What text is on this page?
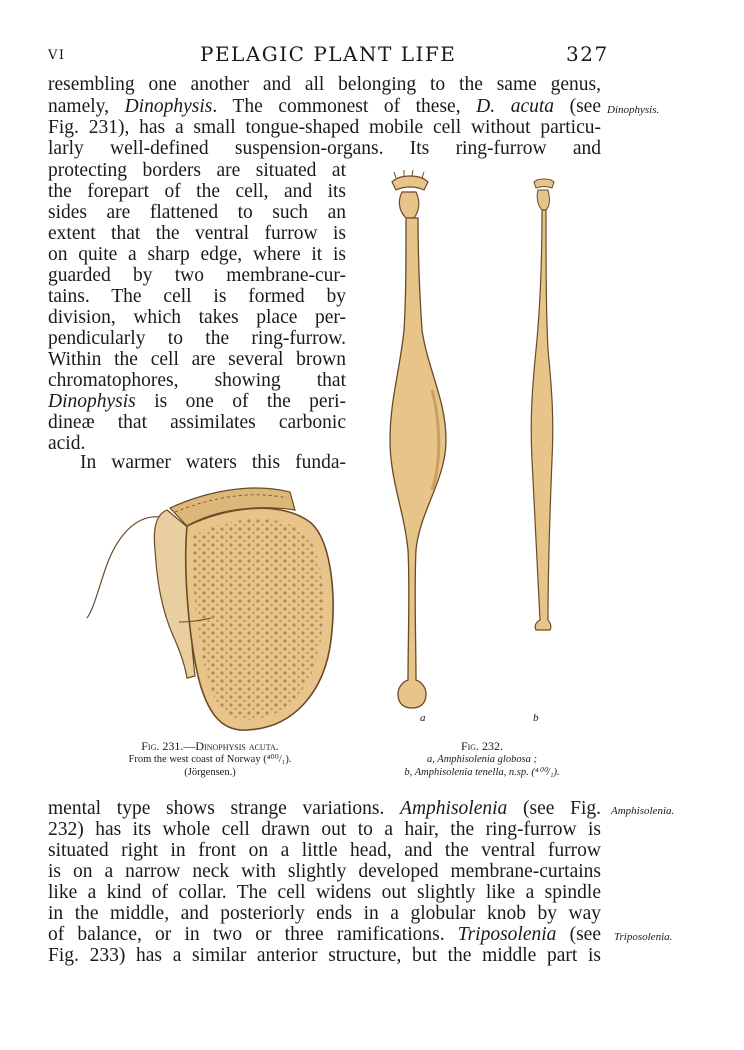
VI	PELAGIC PLANT LIFE	327
resembling one another and all belonging to the same genus,
namely, Dinophysis. The commonest of these, D. acuta (see
Fig. 231), has a small tongue-shaped mobile cell without particu-
larly well-defined suspension-organs. Its ring-furrow and
protecting borders are situated at
the forepart of the cell, and its
sides are flattened to such an
extent that the ventral furrow is
on quite a sharp edge, where it is
guarded by two membrane-cur-
tains. The cell is formed by
division, which takes place per-
pendicularly to the ring-furrow.
Within the cell are several brown
chromatophores, showing that
Dinophysis is one of the peri-
dineæ that assimilates carbonic
acid.
In warmer waters this funda-
mental type shows strange variations. Amphisolenia (see Fig.
232) has its whole cell drawn out to a hair, the ring-furrow is
situated right in front on a little head, and the ventral furrow
is on a narrow neck with slightly developed membrane-curtains
like a kind of collar. The cell widens out slightly like a spindle
in the middle, and posteriorly ends in a globular knob by way
of balance, or in two or three ramifications. Triposolenia (see
Fig. 233) has a similar anterior structure, but the middle part is
Dinophysis.
Amphisolenia.
Triposolenia.
a	b
Fig. 231.—Dinophysis acuta.
From the west coast of Norway (⁴⁰⁰/₁).
(Jörgensen.)
Fig. 232.
a, Amphisolenia globosa ;
b, Amphisolenia tenella, n.sp. (⁴⁰⁰/₁).
